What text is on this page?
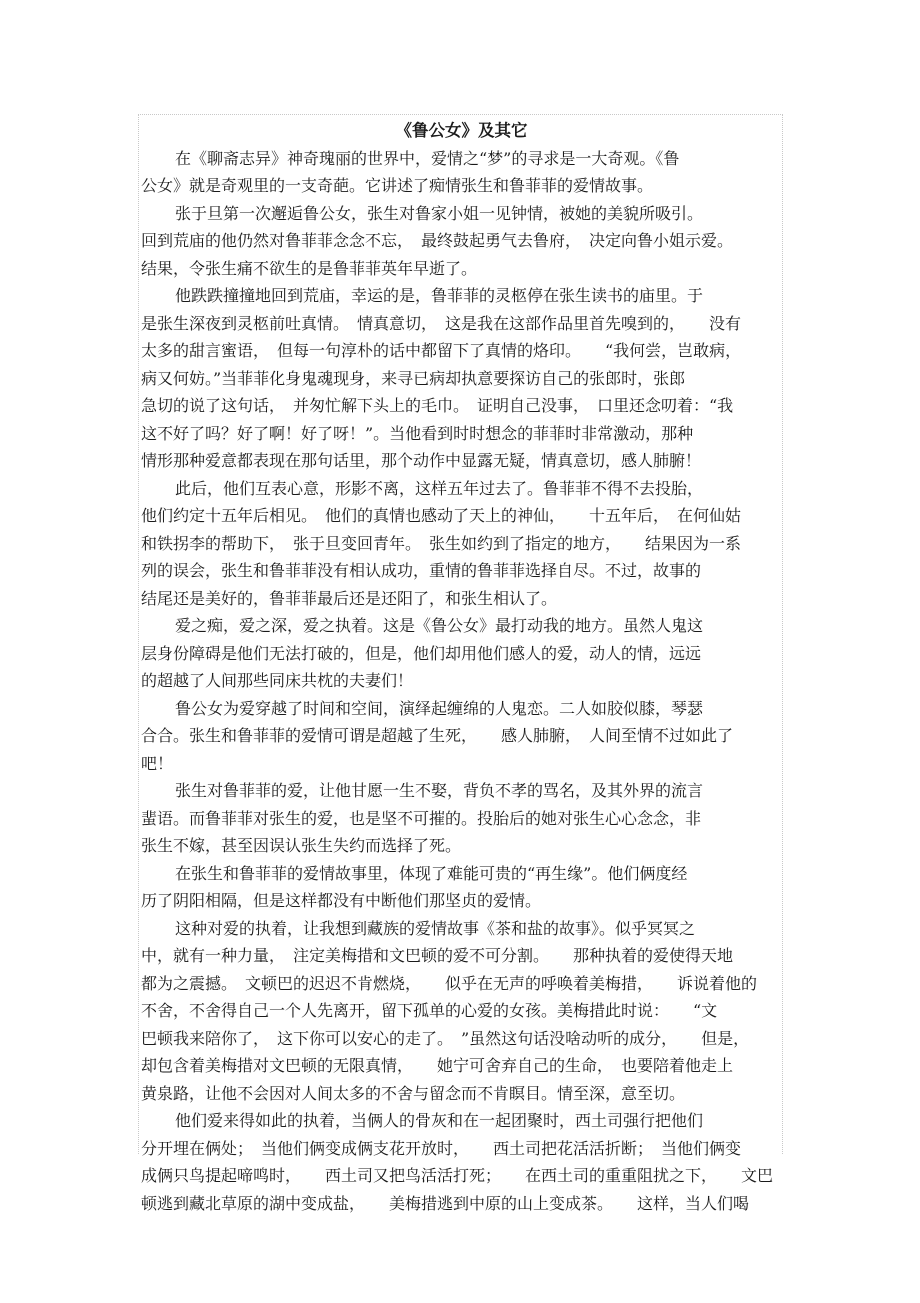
《鲁公女》及其它
在《聊斋志异》神奇瑰丽的世界中，爱情之“梦”的寻求是一大奇观。《鲁
公女》就是奇观里的一支奇葩。它讲述了痴情张生和鲁菲菲的爱情故事。
张于旦第一次邂逅鲁公女，张生对鲁家小姐一见钟情，被她的美貌所吸引。
回到荒庙的他仍然对鲁菲菲念念不忘，　最终鼓起勇气去鲁府，　决定向鲁小姐示爱。
结果，令张生痛不欲生的是鲁菲菲英年早逝了。
他跌跌撞撞地回到荒庙，幸运的是，鲁菲菲的灵柩停在张生读书的庙里。于
是张生深夜到灵柩前吐真情。　情真意切，　这是我在这部作品里首先嗅到的，　　没有
太多的甜言蜜语，　但每一句淳朴的话中都留下了真情的烙印。　　“我何尝，岂敢病，
病又何妨。”当菲菲化身鬼魂现身，来寻已病却执意要探访自己的张郎时，张郎
急切的说了这句话，　并匆忙解下头上的毛巾。　证明自己没事，　口里还念叨着：“我
这不好了吗？好了啊！好了呀！”。当他看到时时想念的菲菲时非常激动，那种
情形那种爱意都表现在那句话里，那个动作中显露无疑，情真意切，感人肺腑！
此后，他们互表心意，形影不离，这样五年过去了。鲁菲菲不得不去投胎，
他们约定十五年后相见。　他们的真情也感动了天上的神仙，　　十五年后，　在何仙姑
和铁拐李的帮助下，　张于旦变回青年。　张生如约到了指定的地方，　　结果因为一系
列的误会，张生和鲁菲菲没有相认成功，重情的鲁菲菲选择自尽。不过，故事的
结尾还是美好的，鲁菲菲最后还是还阳了，和张生相认了。
爱之痴，爱之深，爱之执着。这是《鲁公女》最打动我的地方。虽然人鬼这
层身份障碍是他们无法打破的，但是，他们却用他们感人的爱，动人的情，远远
的超越了人间那些同床共枕的夫妻们！
鲁公女为爱穿越了时间和空间，演绎起缠绵的人鬼恋。二人如胶似膝，琴瑟
合合。张生和鲁菲菲的爱情可谓是超越了生死，　　感人肺腑，　人间至情不过如此了
吧！
张生对鲁菲菲的爱，让他甘愿一生不娶，背负不孝的骂名，及其外界的流言
蜚语。而鲁菲菲对张生的爱，也是坚不可摧的。投胎后的她对张生心心念念，非
张生不嫁，甚至因误认张生失约而选择了死。
在张生和鲁菲菲的爱情故事里，体现了难能可贵的“再生缘”。他们俩度经
历了阴阳相隔，但是这样都没有中断他们那坚贞的爱情。
这种对爱的执着，让我想到藏族的爱情故事《茶和盐的故事》。似乎冥冥之
中，就有一种力量，　注定美梅措和文巴顿的爱不可分割。　　那种执着的爱使得天地
都为之震撼。　文顿巴的迟迟不肯燃烧，　　似乎在无声的呼唤着美梅措，　　诉说着他的
不舍，不舍得自己一个人先离开，留下孤单的心爱的女孩。美梅措此时说：　　“文
巴顿我来陪你了，　这下你可以安心的走了。　”虽然这句话没啥动听的成分，　　但是，
却包含着美梅措对文巴顿的无限真情，　　她宁可舍弃自己的生命，　也要陪着他走上
黄泉路，让他不会因对人间太多的不舍与留念而不肯瞑目。情至深，意至切。
他们爱来得如此的执着，当俩人的骨灰和在一起团聚时，西土司强行把他们
分开埋在俩处；　当他们俩变成俩支花开放时，　　西土司把花活活折断；　当他们俩变
成俩只鸟提起啼鸣时，　　西土司又把鸟活活打死；　　在西土司的重重阻扰之下，　　文巴
顿逃到藏北草原的湖中变成盐，　　美梅措逃到中原的山上变成茶。　　这样，当人们喝
